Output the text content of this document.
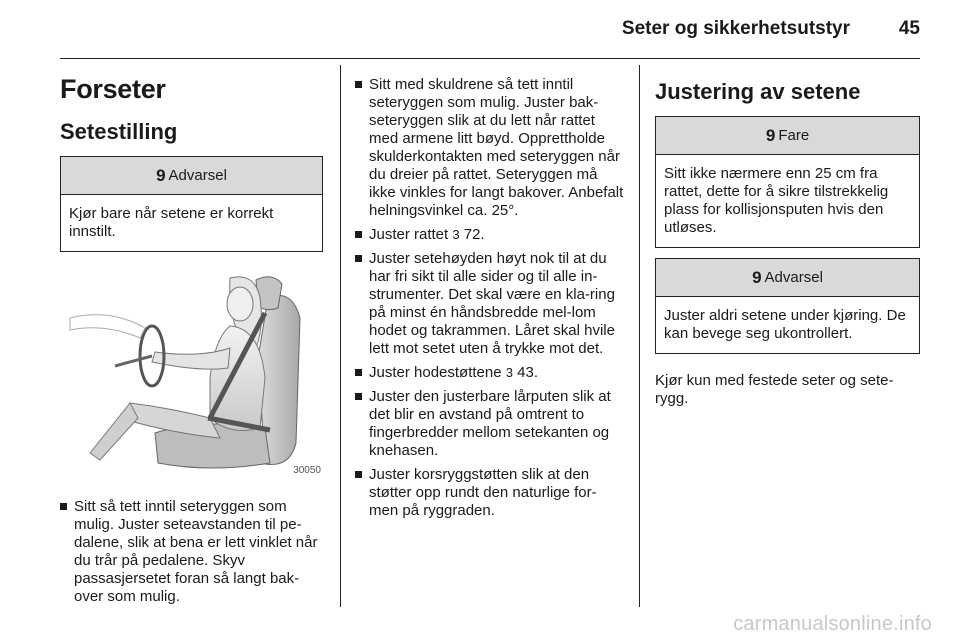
Seter og sikkerhetsutstyr	45
Forseter
Setestilling
9 Advarsel
Kjør bare når setene er korrekt innstilt.
30050
Sitt så tett inntil seteryggen som mulig. Juster seteavstanden til pe-dalene, slik at bena er lett vinklet når du trår på pedalene. Skyv passasjersetet foran så langt bak-over som mulig.
Sitt med skuldrene så tett inntil seteryggen som mulig. Juster bak-seteryggen slik at du lett når rattet med armene litt bøyd. Opprettholde skulderkontakten med seteryggen når du dreier på rattet. Seteryggen må ikke vinkles for langt bakover. Anbefalt helningsvinkel ca. 25°.
Juster rattet 3 72.
Juster setehøyden høyt nok til at du har fri sikt til alle sider og til alle in-strumenter. Det skal være en kla-ring på minst én håndsbredde mel-lom hodet og takrammen. Låret skal hvile lett mot setet uten å trykke mot det.
Juster hodestøttene 3 43.
Juster den justerbare lårputen slik at det blir en avstand på omtrent to fingerbredder mellom setekanten og knehasen.
Juster korsryggstøtten slik at den støtter opp rundt den naturlige for-men på ryggraden.
Justering av setene
9 Fare
Sitt ikke nærmere enn 25 cm fra rattet, dette for å sikre tilstrekkelig plass for kollisjonsputen hvis den utløses.
9 Advarsel
Juster aldri setene under kjøring. De kan bevege seg ukontrollert.

Kjør kun med festede seter og sete-rygg.

carmanualsonline.info
